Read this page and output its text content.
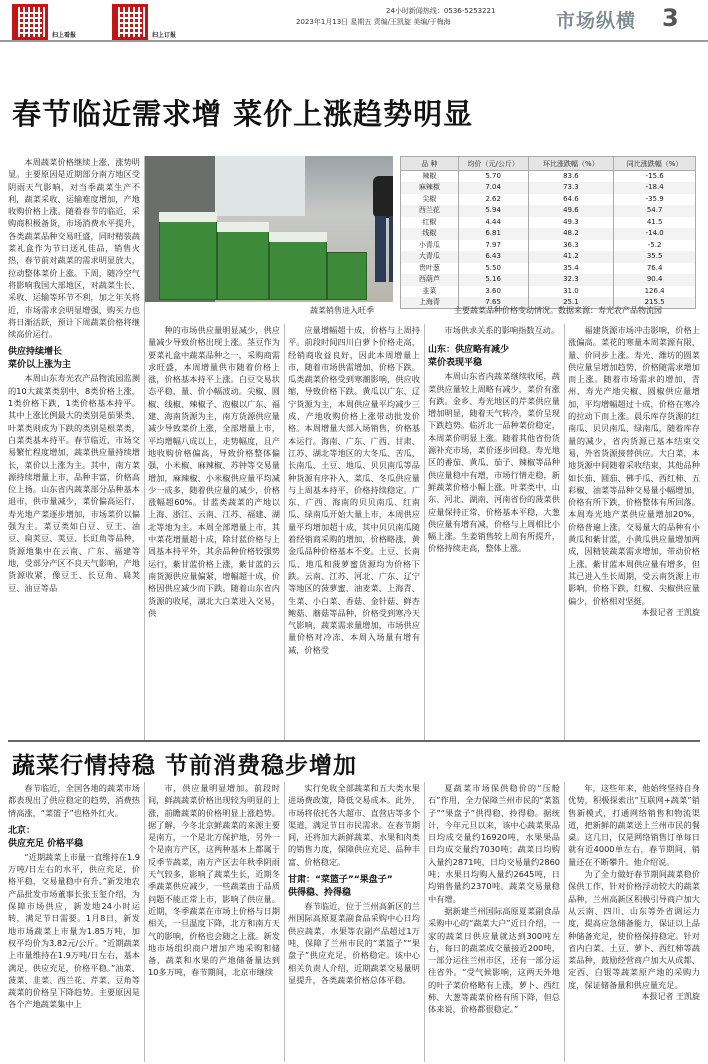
扫上看报	扫上订报
24小时新闻热线：0536-5253221
2023年1月13日 星期五 责编/王凯旋 美编/于梅海	市场纵横 3
春节临近需求增 菜价上涨趋势明显

本周蔬菜价格继续上涨，涨势明显。主要原因是近期部分南方地区受阴雨天气影响，对当季蔬菜生产不利，蔬菜采收、运输难度增加，产地收购价格上涨。随着春节的临近，采购商积极备货，市场消费水平提升，各类蔬菜品种交易旺盛，同时精装蔬菜礼盒作为节日送礼佳品，销售火热，春节前对蔬菜的需求明显放大，拉动整体菜价上涨。下周，随冷空气将影响我国大部地区，对蔬菜生长、采收、运输等环节不利，加之年关将近，市场需求会明显增强，购买力也将日渐活跃，预计下周蔬菜价格将继续高价运行。

供应持续增长
菜价以上涨为主

本周山东寿光农产品物流园监测的10大蔬菜类别中，8类价格上涨，1类价格下跌，1类价格基本持平。其中上涨比例最大的类别是茄果类，叶菜类则成为下跌的类别是根菜类，白菜类基本持平。春节临近，市场交易繁忙程度增加，蔬菜供应量持续增长，菜价以上涨为主。其中，南方菜源持续增量上市，品种丰富，价格高位上扬。山东省内蔬菜部分品种基本退市，供市量减少，菜价偏高运行，寿光地产菜逐步增加，市场菜价以偏强为主。菜豆类如白豆、豆王、油豆、扁荚豆、荚豆、长豇角等品种，货源地集中在云南、广东、福建等地，受部分产区不良天气影响，产地货源收紧，像豆王、长豆角、扁荚豆、油豆等品

蔬菜销售进入旺季
品 种	均价（元/公斤）	环比涨跌幅（%）	同比涨跌幅（%）
辣椒	5.70	83.6	-15.6
麻辣椒	7.04	73.3	-18.4
尖椒	2.62	64.6	-35.9
西兰花	5.94	49.6	54.7
红椒	4.44	49.3	41.5
线椒	6.81	48.2	-14.0
小青瓜	7.97	36.3	-5.2
大青瓜	6.43	41.2	35.5
贵叶葱	5.50	35.4	76.4
西葫芦	5.16	32.3	90.4
韭菜	3.60	31.0	126.4
上海青	7.65	25.1	215.5
主要蔬菜品种价格变动情况。数据来源：寿光农产品物流园

种的市场供应量明显减少，供应量减少导致价格出现上涨。茎豆作为要菜礼盒中蔬菜品种之一，采购商需求旺盛，本周增量供市随着价格上涨，价格基本持平上涨。白豆交易状态平稳，量、价小幅波动。尖椒、圆椒、线椒、辣椒子、泡椒以广东、福建、海南货源为主，南方货源供应量减少导致菜价上涨，全部增量上市，平均增幅八成以上，走势幅度，且产地收购价格偏高，导致价格整体偏强，小米椒、麻辣椒、苏钟等交易量增加，麻辣椒、小米椒供应量平均减少一成多，随着供应量的减少，价格涨幅超60%。甘蓝类蔬菜的产地以上海、浙江、云南、江苏、福建、湖北等地为主。本周全部增量上市，其中菜花增量超十成，除甘蓝价格与上周基本持平外，其余品种价格较强势运行，紫甘蓝价格上涨，紫甘蓝的云南货源供应量偏紧，增幅超十成，价格因供应减少而下跌。随着山东省内货源的收尾，湖北大白菜进入交易，供

应量增幅超十成，价格与上周持平。前段时间四川白萝卜价格走高，经销商收益良好，因此本周增量上市，随着市场供需增加，价格下跌。瓜类蔬菜价格受到寒潮影响，供应收缩，导致价格下跌。黄瓜以广东、辽宁货源为主，本周供应量平均减少三成，产地收购价格上涨带动批发价格。本周增量大部入场销售，价格基本运行。海南、广东、广西、甘肃、江苏、湖北等地区的大冬瓜、苦瓜、长南瓜、土豆、地瓜、贝贝南瓜等品种货源有序补入，菜瓜、冬瓜供应量与上周基本持平，价格持续稳定。广东、广西、海南的贝贝南瓜、红南瓜、绿南瓜开始大量上市，本周供应量平均增加超十成，其中贝贝南瓜随着经销商采购的增加，价格略涨，黄金瓜品种价格基本不变。土豆、长南瓜、地瓜和菠萝蜜货源均为价格下跌。云南、江苏、河北、广东、辽宁等地区的菠萝蜜、油麦菜、上海青、生菜、小白菜、香菇、金针菇、鲜杏鲍菇、蘑菇等品种，价格受到寒冷天气影响，蔬菜需求量增加，市场供应量价格对冷冻、本周入场量有增有减，价格受

市场供求关系的影响指数互动。

山东：供应略有减少
菜价表现平稳

本周山东省内蔬菜继续收尾，蔬菜供应量较上周略有减少，菜价有涨有跌。金乡、寿光地区的芹菜供应量增加明显，随着天气转冷，菜价呈现下跌趋势。临沂北一品种菜价稳定，本周菜价明显上涨。随着其他省份货源补充市场，菜价逐步回稳。寿光地区的番茄、黄瓜、茄子、辣椒等品种供应量稳中有增，市场行情走稳，新鲜蔬菜价格小幅上涨。叶菜类中，山东、河北、湖南、河南省份的菠菜供应量保持正常，价格基本平稳，大葱供应量有增有减，价格与上周相比小幅上涨。生姜销售较上周有所提升，价格持续走高，整体上涨。

福建货源市场冲击影响，价格上涨偏高。菜花的寒量本周菜源有限，量、价同步上涨。寿光、潍坊的圆菜供应量呈增加趋势，价格随需求增加而上涨。随着市场需求的增加，青州、寿光产地尖椒、圆椒供应量增加，平均增幅超过十成，价格在寒冷的拉动下而上涨。晨乐库存货源的红南瓜、贝贝南瓜、绿南瓜，随着库存量的减少，省内货源已基本结束交易，外省货源接替供应。大白菜，本地货源中间随着采收结束，其他品种如长茄、圆茄、佛手瓜、西红柿、五彩椒、油菜等品种交易量小幅增加，价格有所下跌，价格整体有所回落。本周寿光地产菜供应量增加20%，价格普遍上涨。交易量大的品种有小黄瓜和紫甘蓝，小黄瓜供应量增加两成，因精装蔬菜需求增加，带动价格上涨。紫甘蓝本周供应量有增多，但其已进入生长周期，受云南货源上市影响，价格下跌，红椒、尖椒供应量偏少，价格相对坚挺。

本报记者 王凯旋
蔬菜行情持稳 节前消费稳步增加

春节临近，全国各地的蔬菜市场都表现出了供应稳定的趋势，消费热情高涨，“菜篮子”也格外红火。

北京：
供应充足 价格平稳

“近期蔬菜上市量一直维持在1.9万吨/日左右的水平，供应充足，价格平稳，交易量稳中有升。”新发地农产品批发市场董事长张玉玺介绍，为保障市场供应，新发地24小时运转，满足节日需要。1月8日，新发地市场蔬菜上市量为1.85万吨，加权平均价为3.82元/公斤。“近期蔬菜上市量维持在1.9万吨/日左右，基本满足，供应充足，价格平稳。”油菜、菠菜、韭菜、西兰花、芹菜、豆角等蔬菜的价格呈下降趋势。主要原因是各个产地蔬菜集中上

市，供应量明显增加。前段时间，鲜蔬蔬菜价格出现较为明显的上涨，前瞻蔬菜的价格明显上涨趋势。据了解，今冬北京鲜蔬菜的来源主要是南方，一个是北方保护地，另外一个是南方产区，这两种基本上都属于反季节蔬菜，南方产区去年秋季阴雨天气较多，影响了蔬菜生长，近期冬季蔬菜供应减少，一些蔬菜由于品质问题不能正常上市，影响了供应量。近期，冬季蔬菜在市场上价格与日期相关，一旦温度下降，北方和南方天气的影响，价格也会随之上涨。新发地市场组织商户增加产地采购和储备，蔬菜和水果的产地储备量达到10多万吨，春节期间，北京市继续

实行免收全部蔬菜和五大类水果进场费政策，降低交易成本。此外，市场将依托各大超市、直营店等多个渠道，满足节日市民需求。在春节期间，还将加大新鲜蔬菜、水果和肉类的销售力度，保障供应充足、品种丰富、价格稳定。

甘肃：“菜篮子”“果盘子”
供得稳、拎得稳

春节临近，位于兰州高新区的兰州国际高原夏菜副食品采购中心日均供应蔬菜，水果等农副产品超过1万吨，保障了兰州市民的“菜篮子”“果盘子”供应充足，价格稳定。该中心相关负责人介绍，近期蔬菜交易量明显提升，各类蔬菜价格总体平稳。

夏蔬菜市场保供稳价的“压舱石”作用，全力保障兰州市民的“菜篮子”“果盘子”供得稳、拎得稳。据统计，今年元旦以来，该中心蔬菜果品日均成交量约16920吨，水果果品日均成交量约7030吨；蔬菜日均购入量约2871吨，日均交易量约2860吨；水果日均购入量约2645吨，日均销售量约2370吨。蔬菜交易量稳中有增。

据新建兰州国际高原夏菜副食品采购中心的“蔬菜大户”近日介绍，一家的蔬菜日供应量就达到300吨左右，每日的蔬菜成交量接近200吨，一部分运往兰州市区，还有一部分运往省外。“受气候影响，这两天外地的叶子菜价格略有上涨，萝卜、西红柿、大葱等蔬菜价格有所下降，但总体来说，价格都很稳定。”

年，这些年来，他始终坚持自身优势，积极探索出“互联网+蔬菜”销售新模式，打通网络销售和物流渠道，把新鲜的蔬菜送上兰州市民的餐桌。这几日，仅是网络销售订单每日就有近4000单左右，春节期间，销量还在不断攀升。他介绍说。

为了全力做好春节期间蔬菜稳价保供工作，针对价格浮动较大的蔬菜品种，兰州高新区积极引导商户加大从云南、四川、山东等外省调运力度，提高应急储备能力，保证以上品种储备充足，使价格保持稳定。针对省内白菜、土豆、萝卜、西红柿等蔬菜品种，鼓励经营商户加大从成都、定西、白银等蔬菜原产地的采购力度，保证储备量和供应量充足。

本报记者 王凯旋
